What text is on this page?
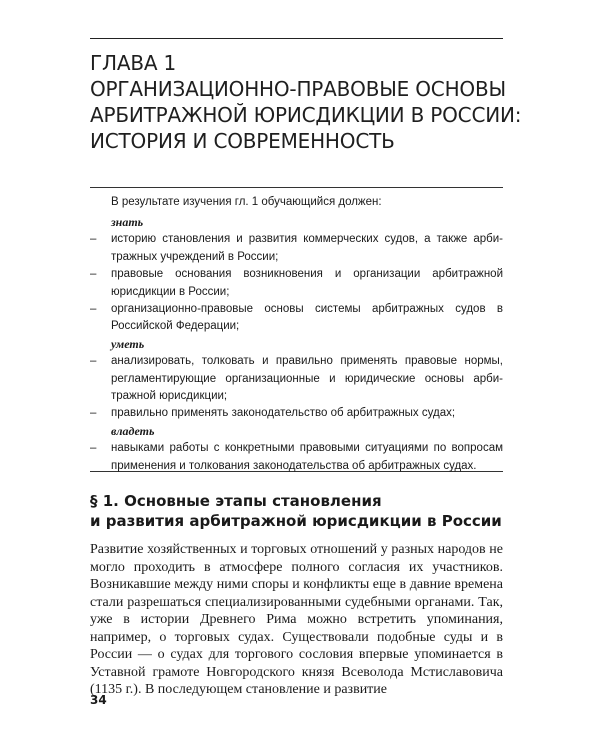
ГЛАВА 1
ОРГАНИЗАЦИОННО-ПРАВОВЫЕ ОСНОВЫ
АРБИТРАЖНОЙ ЮРИСДИКЦИИ В РОССИИ:
ИСТОРИЯ И СОВРЕМЕННОСТЬ
В результате изучения гл. 1 обучающийся должен:
знать
– историю становления и развития коммерческих судов, а также арбитражных учреждений в России;
– правовые основания возникновения и организации арбитражной юрисдикции в России;
– организационно-правовые основы системы арбитражных судов в Российской Федерации;
уметь
– анализировать, толковать и правильно применять правовые нормы, регламентирующие организационные и юридические основы арбитражной юрисдикции;
– правильно применять законодательство об арбитражных судах;
владеть
– навыками работы с конкретными правовыми ситуациями по вопросам применения и толкования законодательства об арбитражных судах.
§ 1. Основные этапы становления
и развития арбитражной юрисдикции в России
Развитие хозяйственных и торговых отношений у разных народов не могло проходить в атмосфере полного согласия их участников. Возникавшие между ними споры и конфликты еще в давние времена стали разрешаться специализированными судебными органами. Так, уже в истории Древнего Рима можно встретить упоминания, например, о торговых судах. Существовали подобные суды и в России — о судах для торгового сословия впервые упоминается в Уставной грамоте Новгородского князя Всеволода Мстиславовича (1135 г.). В последующем становление и развитие
34
